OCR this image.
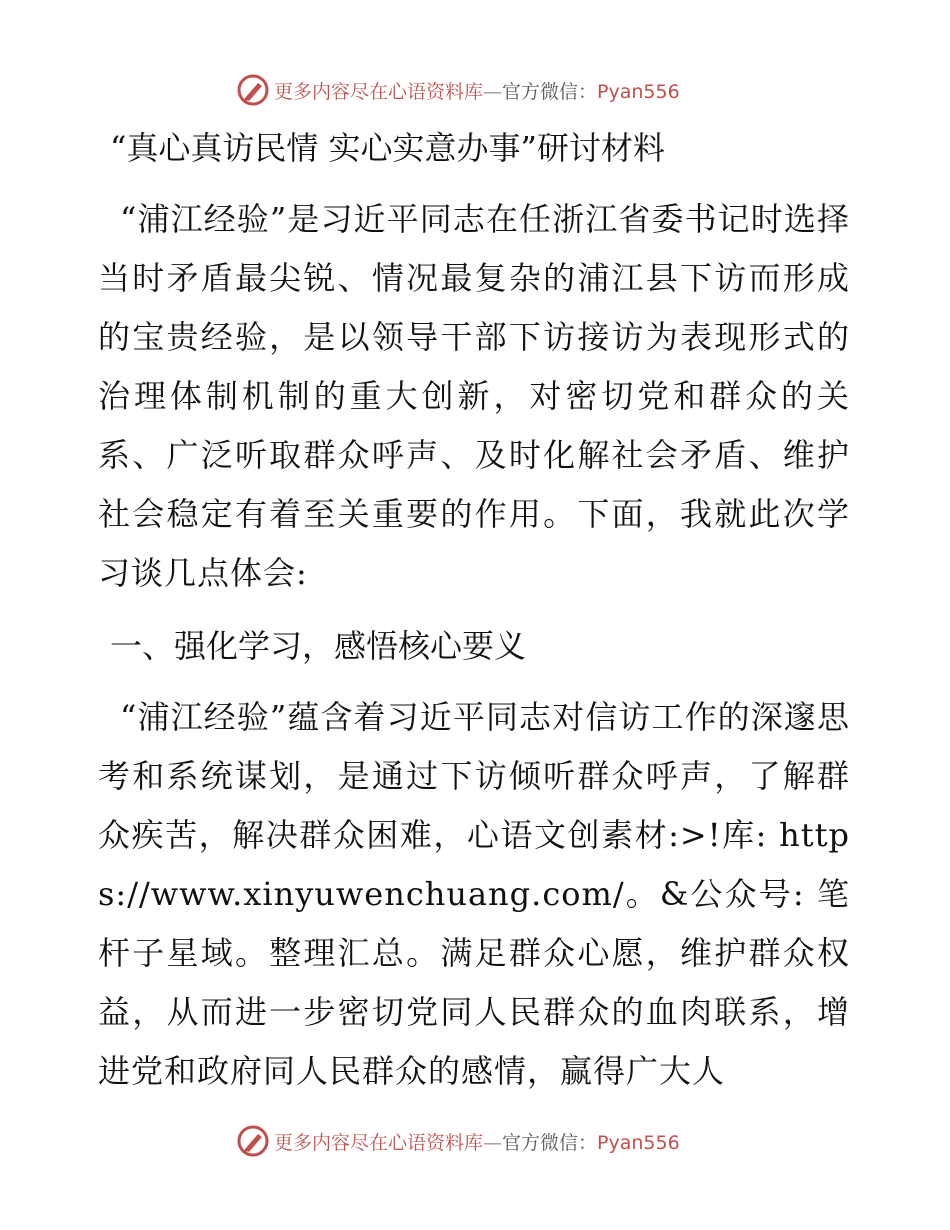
更多内容尽在心语资料库—官方微信：Pyan556
“真心真访民情 实心实意办事”研讨材料
“浦江经验”是习近平同志在任浙江省委书记时选择当时矛盾最尖锐、情况最复杂的浦江县下访而形成的宝贵经验，是以领导干部下访接访为表现形式的治理体制机制的重大创新，对密切党和群众的关系、广泛听取群众呼声、及时化解社会矛盾、维护社会稳定有着至关重要的作用。下面，我就此次学习谈几点体会:
一、强化学习，感悟核心要义
“浦江经验”蕴含着习近平同志对信访工作的深邃思考和系统谋划，是通过下访倾听群众呼声，了解群众疾苦，解决群众困难，心语文创素材:>!库: https://www.xinyuwenchuang.com/。&公众号: 笔杆子星域。整理汇总。满足群众心愿，维护群众权益，从而进一步密切党同人民群众的血肉联系，增进党和政府同人民群众的感情，赢得广大人
更多内容尽在心语资料库—官方微信：Pyan556
